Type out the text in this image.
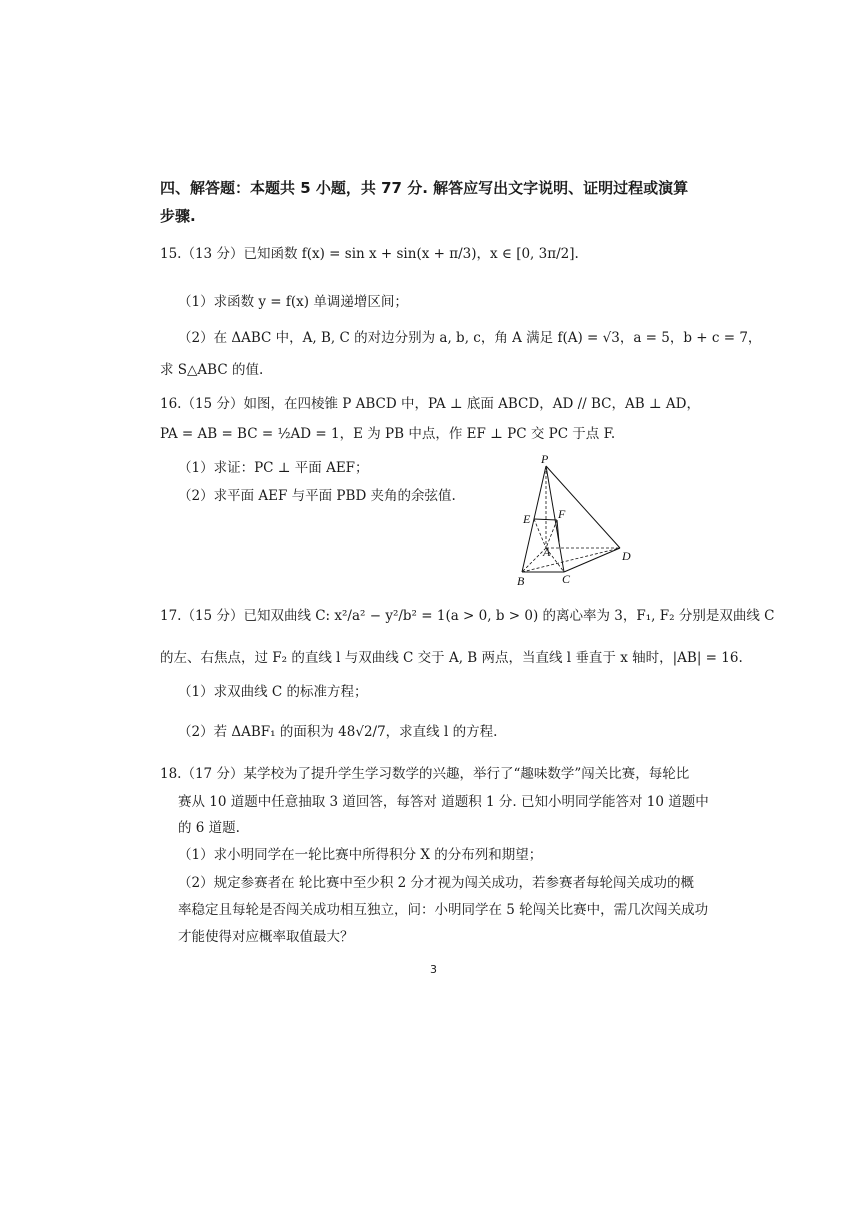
四、解答题：本题共 5 小题，共 77 分. 解答应写出文字说明、证明过程或演算
步骤.
15.（13 分）已知函数 f(x) = sin x + sin(x + π/3)，x ∈ [0, 3π/2].
（1）求函数 y = f(x) 单调递增区间；
（2）在 ΔABC 中，A, B, C 的对边分别为 a, b, c，角 A 满足 f(A) = √3，a = 5，b + c = 7，
求 S△ABC 的值.
16.（15 分）如图，在四棱锥 P ABCD 中，PA ⊥ 底面 ABCD，AD // BC，AB ⊥ AD，
PA = AB = BC = ½AD = 1，E 为 PB 中点，作 EF ⊥ PC 交 PC 于点 F.
（1）求证：PC ⊥ 平面 AEF；
（2）求平面 AEF 与平面 PBD 夹角的余弦值.
P
E F
A	D
B	C
17.（15 分）已知双曲线 C: x²/a² − y²/b² = 1(a > 0, b > 0) 的离心率为 3，F₁, F₂ 分别是双曲线 C
的左、右焦点，过 F₂ 的直线 l 与双曲线 C 交于 A, B 两点，当直线 l 垂直于 x 轴时，|AB| = 16.
（1）求双曲线 C 的标准方程；
（2）若 ΔABF₁ 的面积为 48√2/7，求直线 l 的方程.
18.（17 分）某学校为了提升学生学习数学的兴趣，举行了“趣味数学”闯关比赛，每轮比
赛从 10 道题中任意抽取 3 道回答，每答对 道题积 1 分. 已知小明同学能答对 10 道题中
的 6 道题.
（1）求小明同学在一轮比赛中所得积分 X 的分布列和期望；
（2）规定参赛者在 轮比赛中至少积 2 分才视为闯关成功，若参赛者每轮闯关成功的概
率稳定且每轮是否闯关成功相互独立，问：小明同学在 5 轮闯关比赛中，需几次闯关成功
才能使得对应概率取值最大？
3
